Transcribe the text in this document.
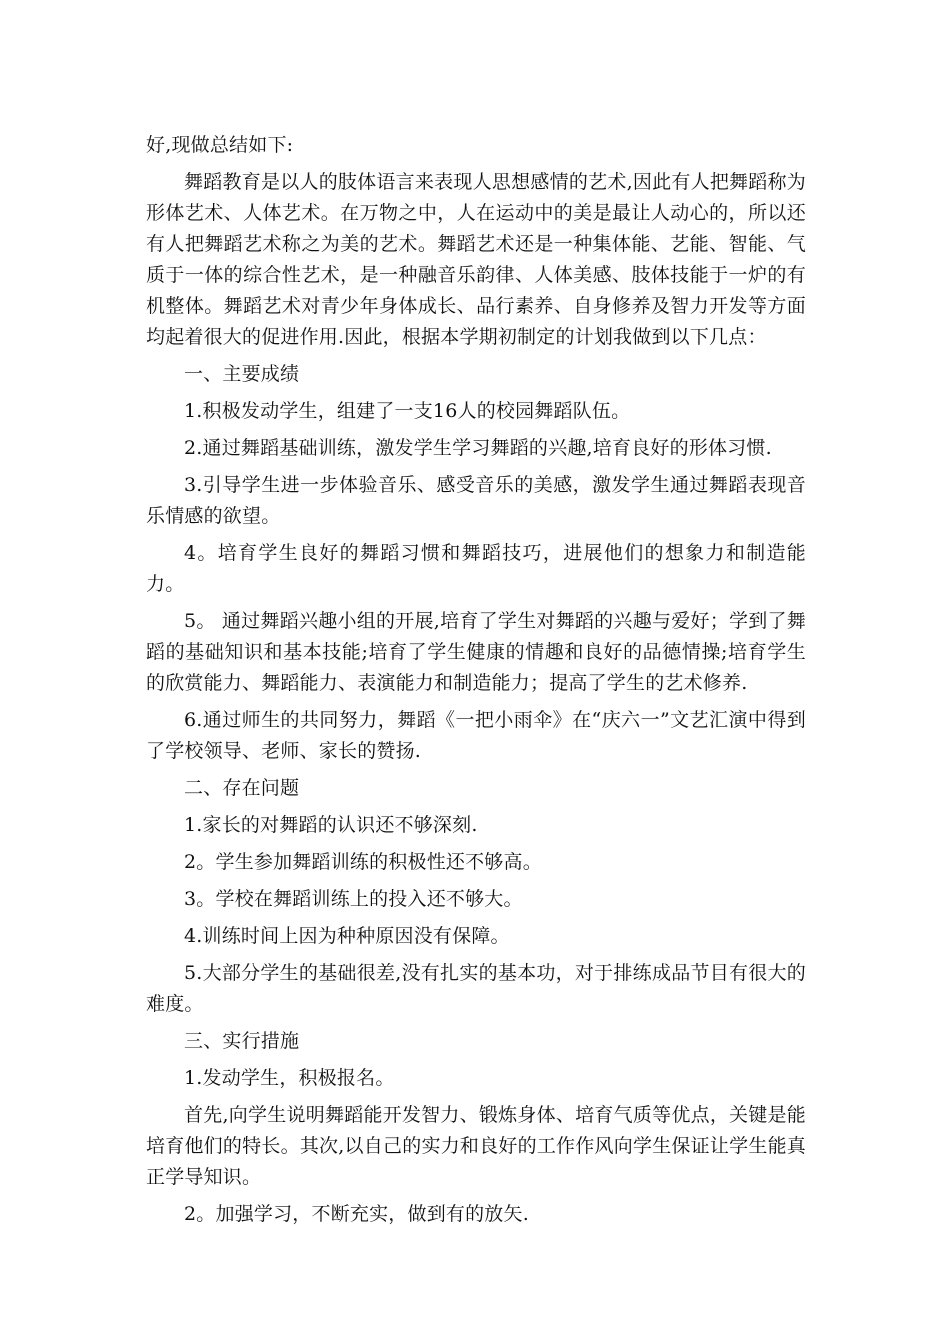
好,现做总结如下:

舞蹈教育是以人的肢体语言来表现人思想感情的艺术,因此有人把舞蹈称为形体艺术、人体艺术。在万物之中，人在运动中的美是最让人动心的，所以还有人把舞蹈艺术称之为美的艺术。舞蹈艺术还是一种集体能、艺能、智能、气质于一体的综合性艺术，是一种融音乐韵律、人体美感、肢体技能于一炉的有机整体。舞蹈艺术对青少年身体成长、品行素养、自身修养及智力开发等方面均起着很大的促进作用.因此，根据本学期初制定的计划我做到以下几点：

一、主要成绩

1.积极发动学生，组建了一支16人的校园舞蹈队伍。

2.通过舞蹈基础训练，激发学生学习舞蹈的兴趣,培育良好的形体习惯.

3.引导学生进一步体验音乐、感受音乐的美感，激发学生通过舞蹈表现音乐情感的欲望。

4。培育学生良好的舞蹈习惯和舞蹈技巧，进展他们的想象力和制造能力。

5。 通过舞蹈兴趣小组的开展,培育了学生对舞蹈的兴趣与爱好；学到了舞蹈的基础知识和基本技能;培育了学生健康的情趣和良好的品德情操;培育学生的欣赏能力、舞蹈能力、表演能力和制造能力；提高了学生的艺术修养.

6.通过师生的共同努力，舞蹈《一把小雨伞》在“庆六一”文艺汇演中得到了学校领导、老师、家长的赞扬.

二、存在问题

1.家长的对舞蹈的认识还不够深刻.

2。学生参加舞蹈训练的积极性还不够高。

3。学校在舞蹈训练上的投入还不够大。

4.训练时间上因为种种原因没有保障。

5.大部分学生的基础很差,没有扎实的基本功，对于排练成品节目有很大的难度。

三、实行措施

1.发动学生，积极报名。

首先,向学生说明舞蹈能开发智力、锻炼身体、培育气质等优点，关键是能培育他们的特长。其次,以自己的实力和良好的工作作风向学生保证让学生能真正学导知识。

2。加强学习，不断充实，做到有的放矢.
